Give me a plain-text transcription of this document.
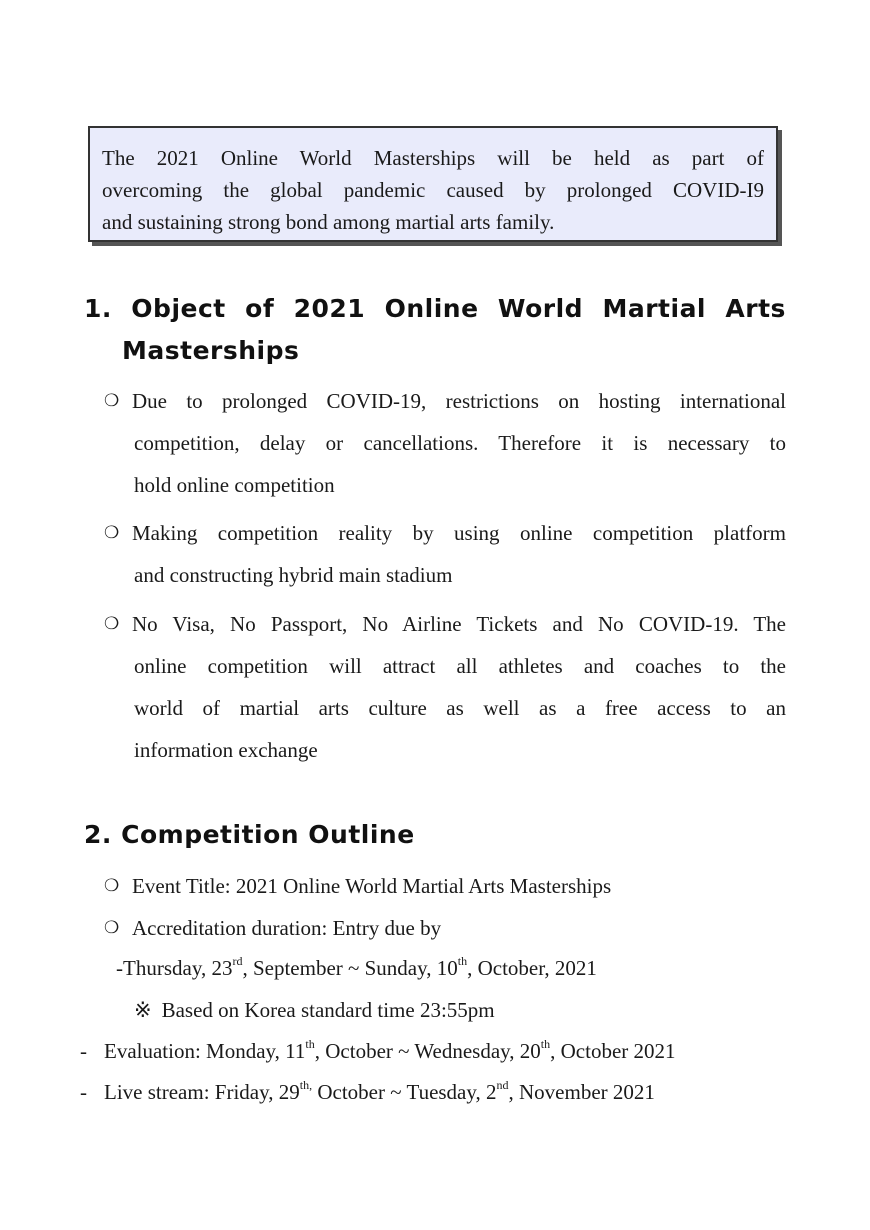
The 2021 Online World Masterships will be held as part of
overcoming the global pandemic caused by prolonged COVID-I9
and sustaining strong bond among martial arts family.
1. Object of 2021 Online World Martial Arts
Masterships
❍ Due to prolonged COVID-19, restrictions on hosting international
competition, delay or cancellations. Therefore it is necessary to
hold online competition
❍ Making competition reality by using online competition platform
and constructing hybrid main stadium
❍ No Visa, No Passport, No Airline Tickets and No COVID-19. The
online competition will attract all athletes and coaches to the
world of martial arts culture as well as a free access to an
information exchange
2. Competition Outline
❍ Event Title: 2021 Online World Martial Arts Masterships
❍ Accreditation duration: Entry due by
-Thursday, 23rd, September ~ Sunday, 10th, October, 2021
※ Based on Korea standard time 23:55pm
- Evaluation: Monday, 11th, October ~ Wednesday, 20th, October 2021
- Live stream: Friday, $29^{th,}$ October ~ Tuesday, 2nd, November 2021
